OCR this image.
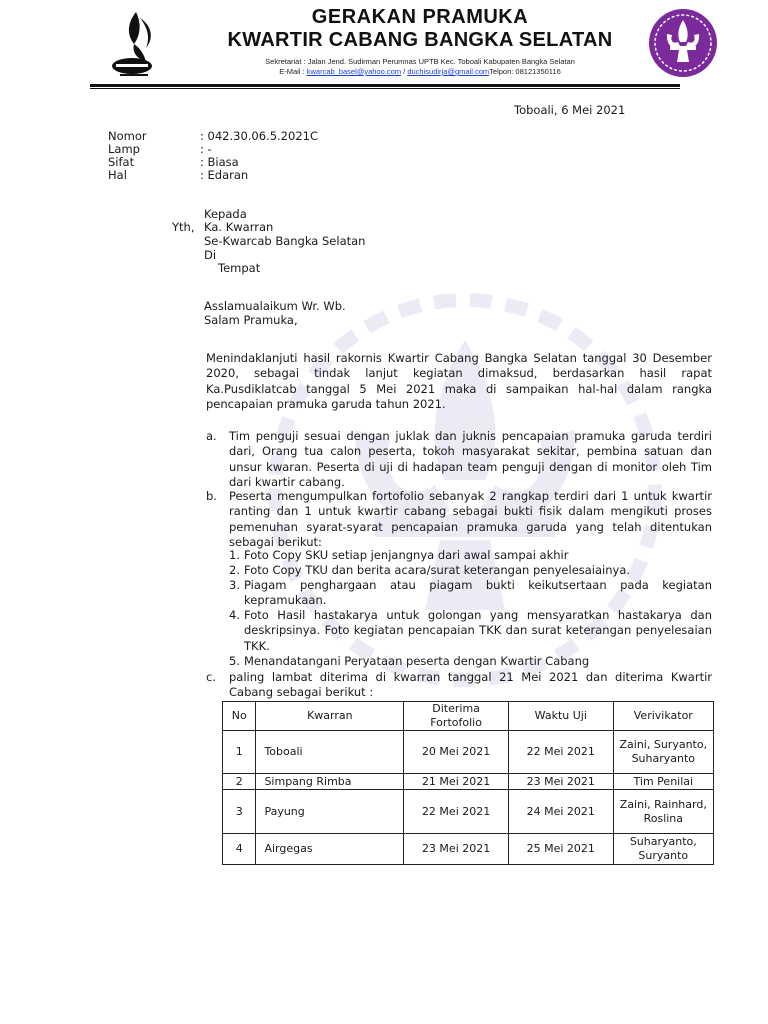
GERAKAN PRAMUKA
KWARTIR CABANG BANGKA SELATAN
Sekretariat : Jalan Jend. Sudirman Perumnas UPTB Kec. Toboali Kabupaten Bangka Selatan
E-Mail : kwarcab_basel@yahoo.com / duchisudirja@gmail.comTelpon: 08121350116
Toboali, 6 Mei 2021
Nomor	: 042.30.06.5.2021C
Lamp	: -
Sifat	: Biasa
Hal	: Edaran
Kepada
Yth, Ka. Kwarran
Se-Kwarcab Bangka Selatan
Di
Tempat
Asslamualaikum Wr. Wb.
Salam Pramuka,
Menindaklanjuti hasil rakornis Kwartir Cabang Bangka Selatan tanggal 30 Desember 2020, sebagai tindak lanjut kegiatan dimaksud, berdasarkan hasil rapat Ka.Pusdiklatcab tanggal 5 Mei 2021 maka di sampaikan hal-hal dalam rangka pencapaian pramuka garuda tahun 2021.
a. Tim penguji sesuai dengan juklak dan juknis pencapaian pramuka garuda terdiri dari, Orang tua calon peserta, tokoh masyarakat sekitar, pembina satuan dan unsur kwaran. Peserta di uji di hadapan team penguji dengan di monitor oleh Tim dari kwartir cabang.
b. Peserta mengumpulkan fortofolio sebanyak 2 rangkap terdiri dari 1 untuk kwartir ranting dan 1 untuk kwartir cabang sebagai bukti fisik dalam mengikuti proses pemenuhan syarat-syarat pencapaian pramuka garuda yang telah ditentukan sebagai berikut:
1. Foto Copy SKU setiap jenjangnya dari awal sampai akhir
2. Foto Copy TKU dan berita acara/surat keterangan penyelesaiainya.
3. Piagam penghargaan atau piagam bukti keikutsertaan pada kegiatan kepramukaan.
4. Foto Hasil hastakarya untuk golongan yang mensyaratkan hastakarya dan deskripsinya. Foto kegiatan pencapaian TKK dan surat keterangan penyelesaian TKK.
5. Menandatangani Peryataan peserta dengan Kwartir Cabang
c. paling lambat diterima di kwarran tanggal 21 Mei 2021 dan diterima Kwartir Cabang sebagai berikut :
No	Kwarran	Diterima Fortofolio	Waktu Uji	Verivikator
1	Toboali	20 Mei 2021	22 Mei 2021	Zaini, Suryanto, Suharyanto
2	Simpang Rimba	21 Mei 2021	23 Mei 2021	Tim Penilai
3	Payung	22 Mei 2021	24 Mei 2021	Zaini, Rainhard, Roslina
4	Airgegas	23 Mei 2021	25 Mei 2021	Suharyanto, Suryanto
